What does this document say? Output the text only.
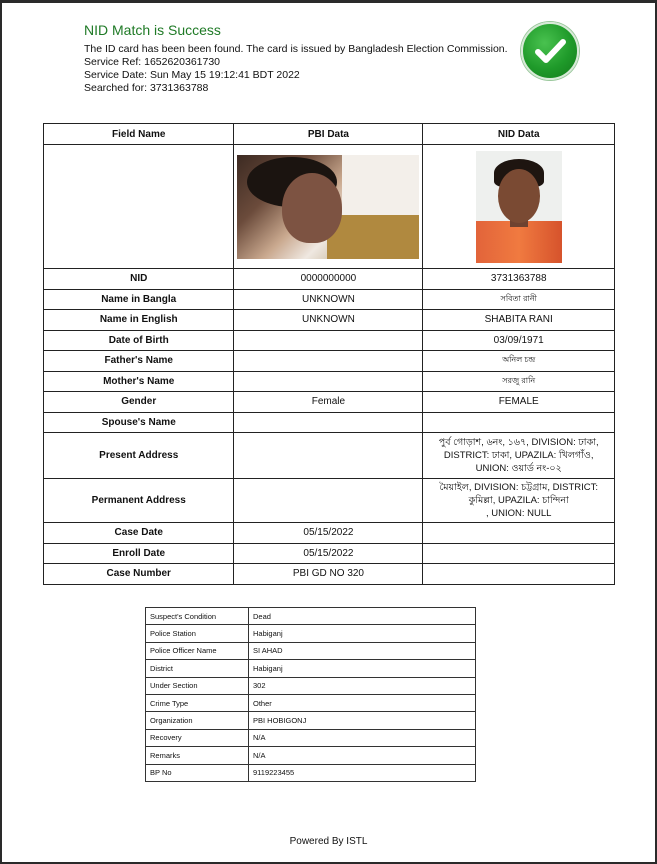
NID Match is Success
The ID card has been been found. The card is issued by Bangladesh Election Commission.
Service Ref: 1652620361730
Service Date: Sun May 15 19:12:41 BDT 2022
Searched for: 3731363788
Field Name	PBI Data	NID Data

NID	0000000000	3731363788
Name in Bangla	UNKNOWN	সবিতা রানী
Name in English	UNKNOWN	SHABITA RANI
Date of Birth		03/09/1971
Father's Name		অনিল চন্দ্র
Mother's Name		সরজু রানি
Gender	Female	FEMALE
Spouse's Name		
Present Address		পুর্ব গোড়াশ, ৬নং, ১৬৭, DIVISION: ঢাকা,
DISTRICT: ঢাকা, UPAZILA: খিলগাঁও,
UNION: ওয়ার্ড নং-০২

Permanent Address		মৈয়াইল, DIVISION: চট্টগ্রাম, DISTRICT:
কুমিল্লা, UPAZILA: চান্দিনা
, UNION: NULL

Case Date	05/15/2022	
Enroll Date	05/15/2022	
Case Number	PBI GD NO 320	
Suspect's Condition	Dead
Police Station	Habiganj
Police Officer Name	SI AHAD
District	Habiganj
Under Section	302
Crime Type	Other
Organization	PBI HOBIGONJ
Recovery	N/A
Remarks	N/A
BP No	9119223455
Powered By ISTL
